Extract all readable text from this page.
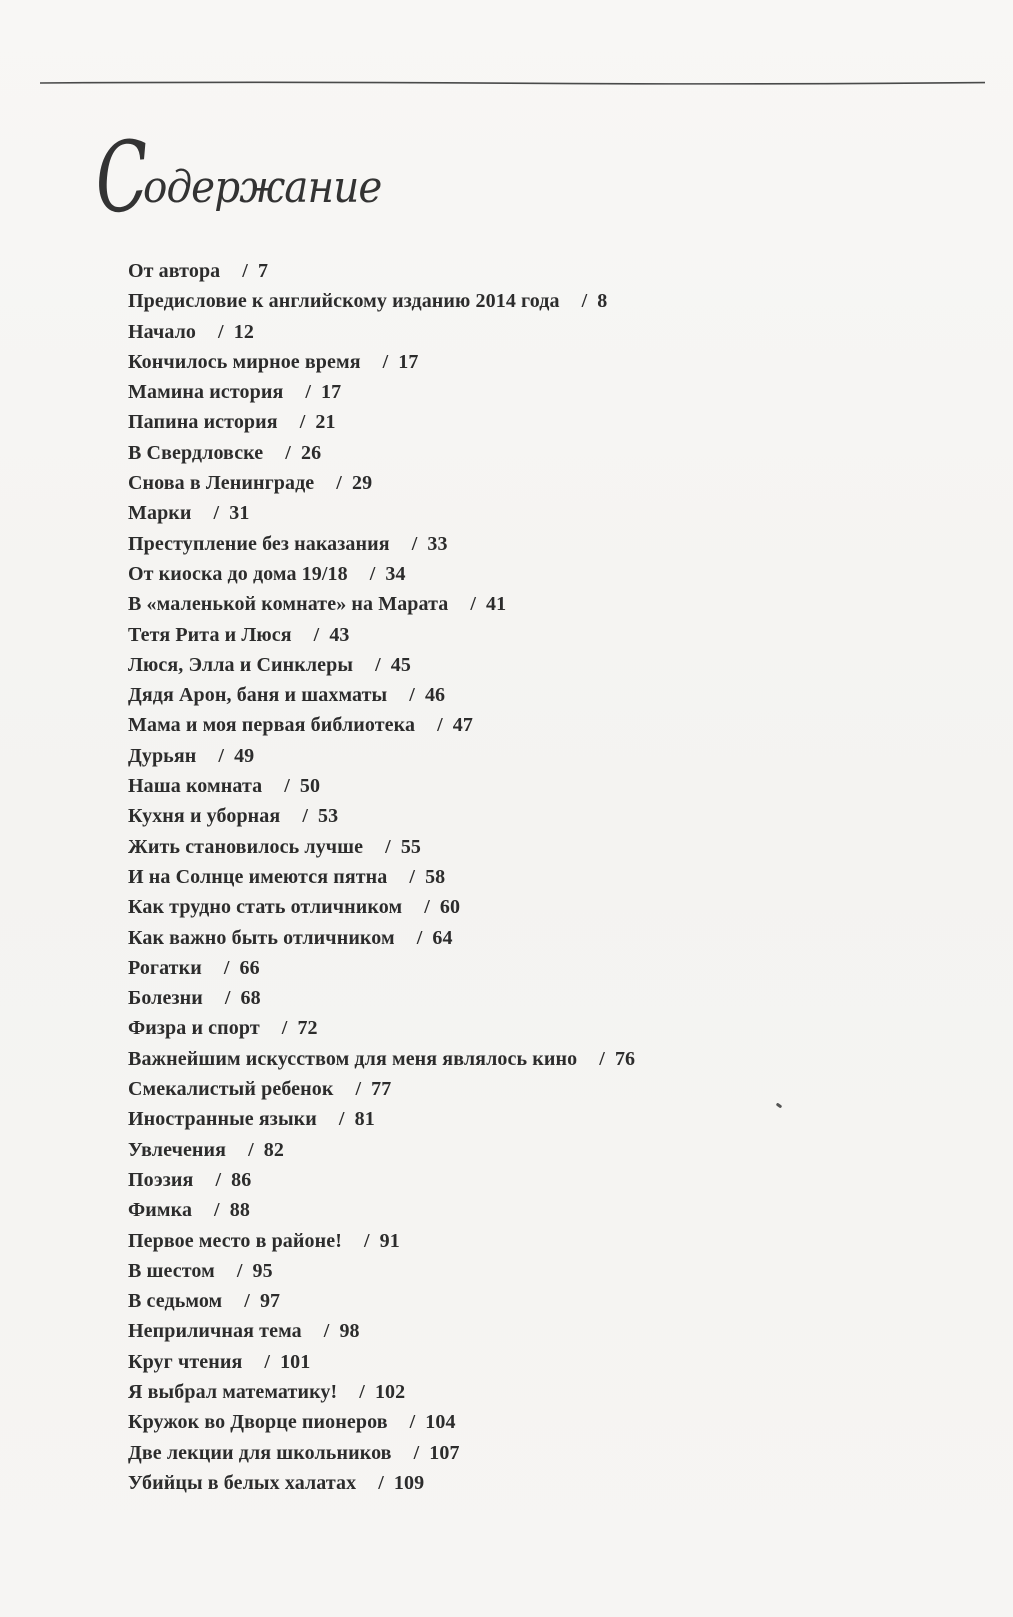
С
одержание
От автора / 7
Предисловие к английскому изданию 2014 года / 8
Начало / 12
Кончилось мирное время / 17
Мамина история / 17
Папина история / 21
В Свердловске / 26
Снова в Ленинграде / 29
Марки / 31
Преступление без наказания / 33
От киоска до дома 19/18 / 34
В «маленькой комнате» на Марата / 41
Тетя Рита и Люся / 43
Люся, Элла и Синклеры / 45
Дядя Арон, баня и шахматы / 46
Мама и моя первая библиотека / 47
Дурьян / 49
Наша комната / 50
Кухня и уборная / 53
Жить становилось лучше / 55
И на Солнце имеются пятна / 58
Как трудно стать отличником / 60
Как важно быть отличником / 64
Рогатки / 66
Болезни / 68
Физра и спорт / 72
Важнейшим искусством для меня являлось кино / 76
Смекалистый ребенок / 77
Иностранные языки / 81
Увлечения / 82
Поэзия / 86
Фимка / 88
Первое место в районе! / 91
В шестом / 95
В седьмом / 97
Неприличная тема / 98
Круг чтения / 101
Я выбрал математику! / 102
Кружок во Дворце пионеров / 104
Две лекции для школьников / 107
Убийцы в белых халатах / 109
